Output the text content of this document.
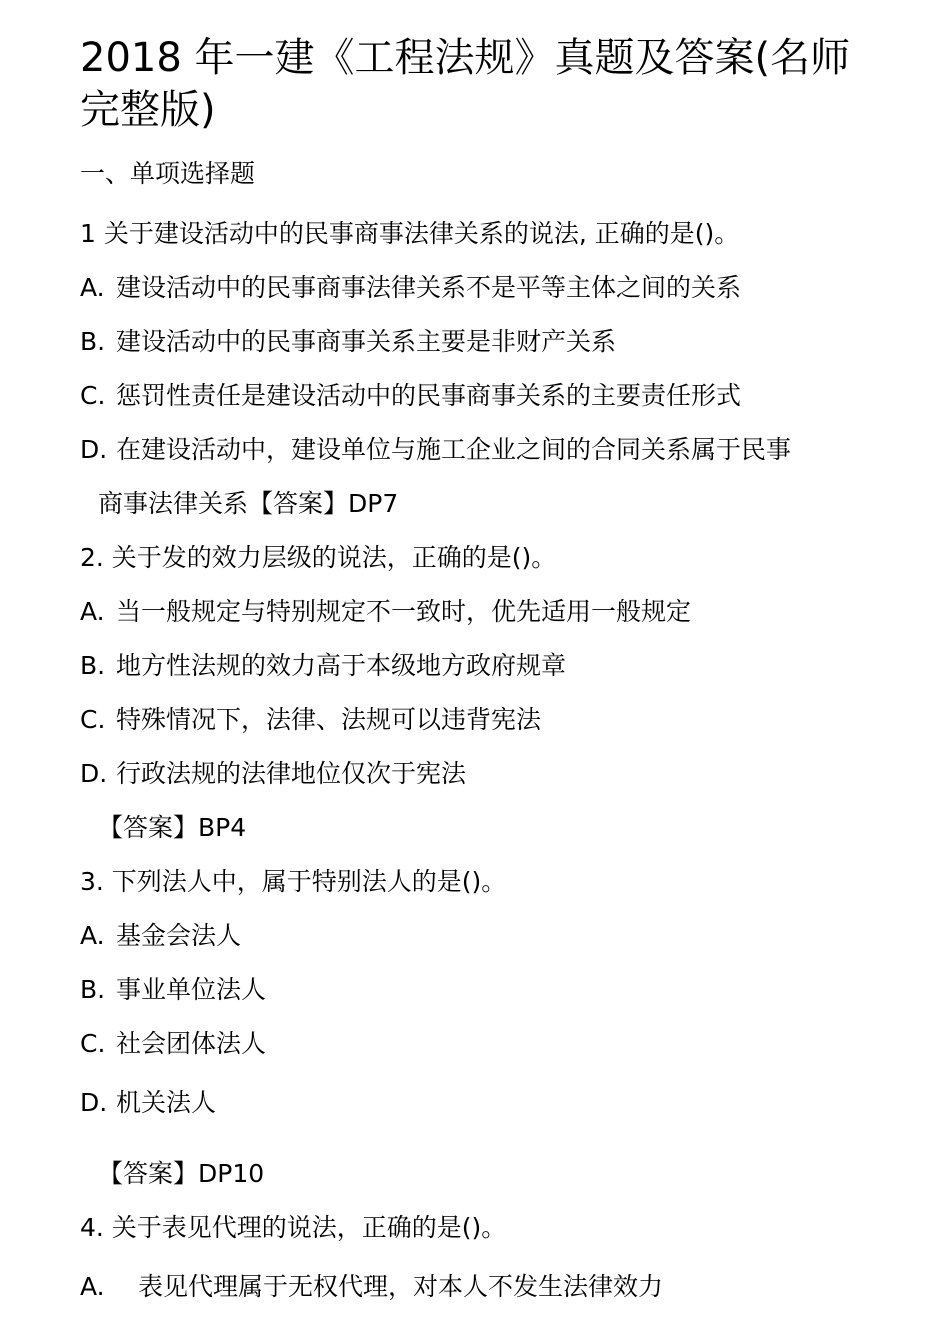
2018 年一建《工程法规》真题及答案(名师完整版)

一、单项选择题

1 关于建设活动中的民事商事法律关系的说法, 正确的是()。

A. 建设活动中的民事商事法律关系不是平等主体之间的关系

B. 建设活动中的民事商事关系主要是非财产关系

C. 惩罚性责任是建设活动中的民事商事关系的主要责任形式

D. 在建设活动中，建设单位与施工企业之间的合同关系属于民事

商事法律关系【答案】DP7

2. 关于发的效力层级的说法，正确的是()。

A. 当一般规定与特别规定不一致时，优先适用一般规定

B. 地方性法规的效力高于本级地方政府规章

C. 特殊情况下，法律、法规可以违背宪法

D. 行政法规的法律地位仅次于宪法

【答案】BP4

3. 下列法人中，属于特别法人的是()。

A. 基金会法人

B. 事业单位法人

C. 社会团体法人

D. 机关法人

【答案】DP10

4. 关于表见代理的说法，正确的是()。

A. 表见代理属于无权代理，对本人不发生法律效力
